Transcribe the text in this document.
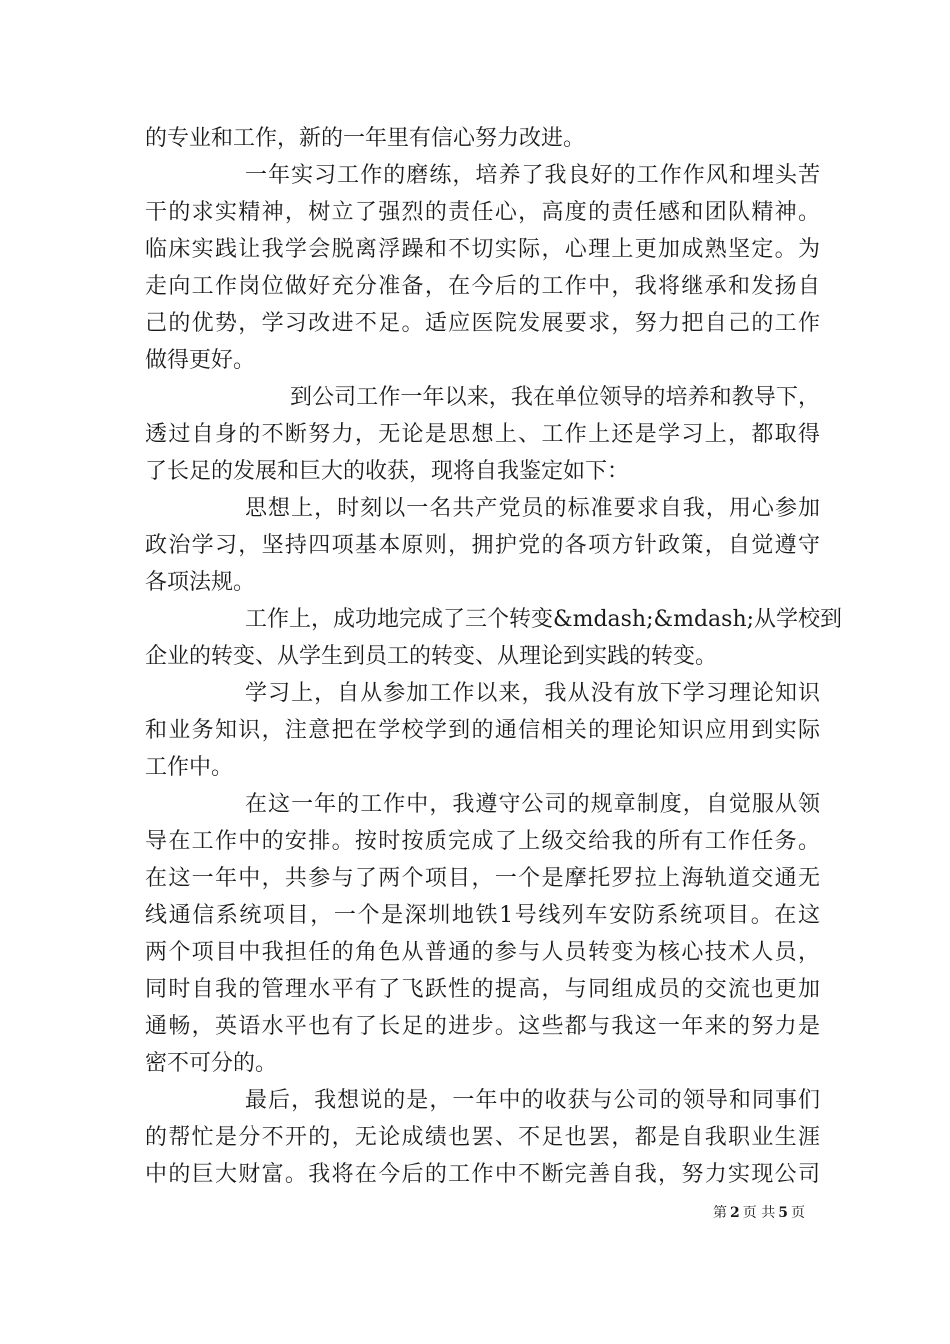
的专业和工作，新的一年里有信心努力改进。
一年实习工作的磨练，培养了我良好的工作作风和埋头苦
干的求实精神，树立了强烈的责任心，高度的责任感和团队精神。
临床实践让我学会脱离浮躁和不切实际，心理上更加成熟坚定。为
走向工作岗位做好充分准备，在今后的工作中，我将继承和发扬自
己的优势，学习改进不足。适应医院发展要求，努力把自己的工作
做得更好。
到公司工作一年以来，我在单位领导的培养和教导下，
透过自身的不断努力，无论是思想上、工作上还是学习上，都取得
了长足的发展和巨大的收获，现将自我鉴定如下：
思想上，时刻以一名共产党员的标准要求自我，用心参加
政治学习，坚持四项基本原则，拥护党的各项方针政策，自觉遵守
各项法规。
工作上，成功地完成了三个转变&mdash;&mdash;从学校到
企业的转变、从学生到员工的转变、从理论到实践的转变。
学习上，自从参加工作以来，我从没有放下学习理论知识
和业务知识，注意把在学校学到的通信相关的理论知识应用到实际
工作中。
在这一年的工作中，我遵守公司的规章制度，自觉服从领
导在工作中的安排。按时按质完成了上级交给我的所有工作任务。
在这一年中，共参与了两个项目，一个是摩托罗拉上海轨道交通无
线通信系统项目，一个是深圳地铁1号线列车安防系统项目。在这
两个项目中我担任的角色从普通的参与人员转变为核心技术人员，
同时自我的管理水平有了飞跃性的提高，与同组成员的交流也更加
通畅，英语水平也有了长足的进步。这些都与我这一年来的努力是
密不可分的。
最后，我想说的是，一年中的收获与公司的领导和同事们
的帮忙是分不开的，无论成绩也罢、不足也罢，都是自我职业生涯
中的巨大财富。我将在今后的工作中不断完善自我，努力实现公司
第 2 页 共 5 页
